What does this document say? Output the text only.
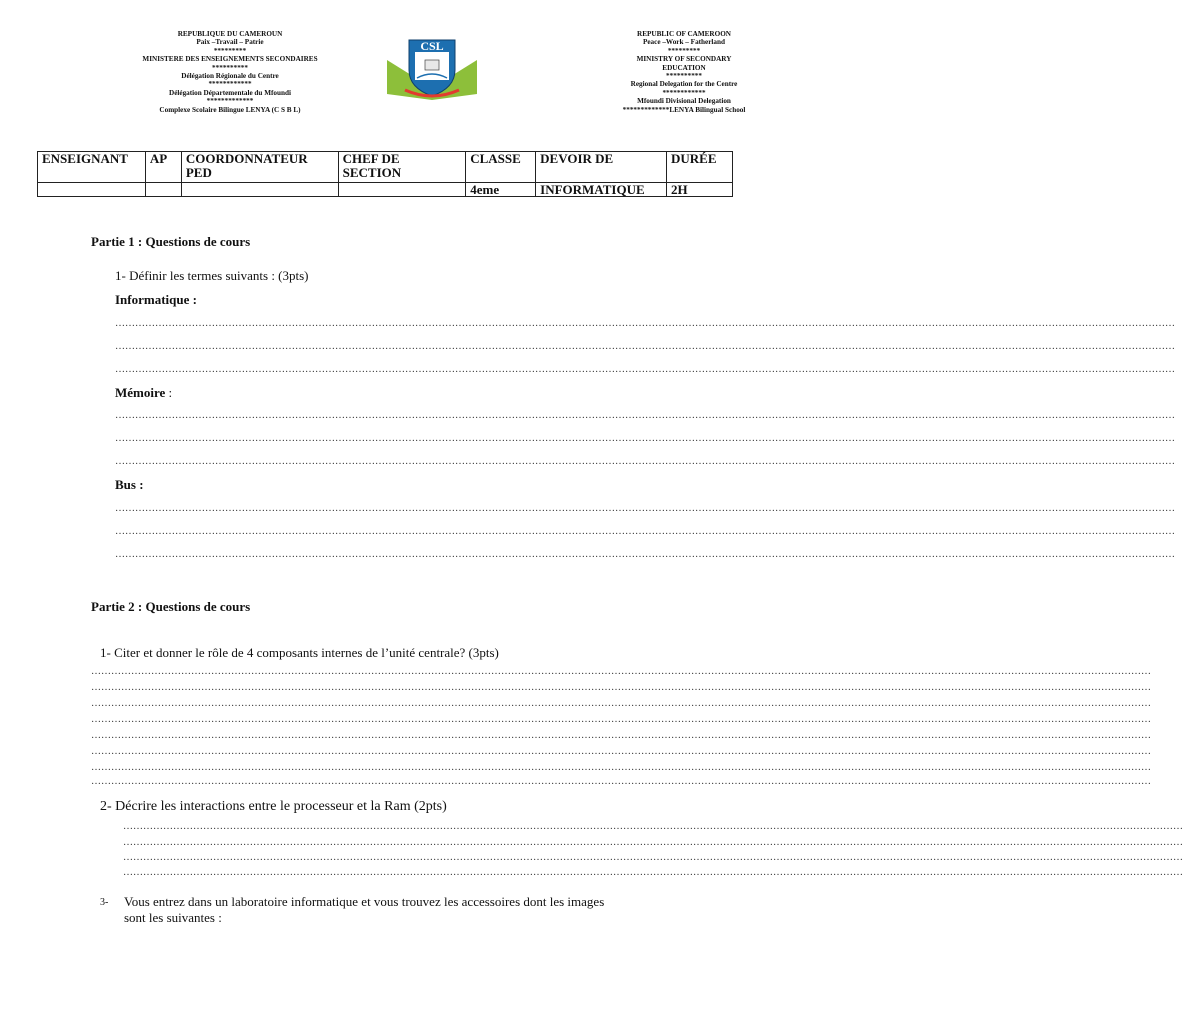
REPUBLIQUE DU CAMEROUN
Paix –Travail – Patrie
*********
MINISTERE DES ENSEIGNEMENTS SECONDAIRES
**********
Délégation Régionale du Centre
************
Délégation Départementale du Mfoundi
*************
Complexe Scolaire Bilingue LENYA (C S B L)
CSL
REPUBLIC OF CAMEROON
Peace –Work – Fatherland
*********
MINISTRY OF SECONDARY
EDUCATION
**********
Regional Delegation for the Centre
************
Mfoundi Divisional Delegation
*************LENYA Bilingual School
ENSEIGNANT	AP	COORDONNATEUR PED	CHEF DE SECTION	CLASSE	DEVOIR DE	DURÉE
				4eme	INFORMATIQUE	2H
Partie 1 : Questions de cours
1- Définir les termes suivants : (3pts)
Informatique :
…………………………………………………………………………………………………………………………………………………………………………………………………………………………………………………………………………………………
…………………………………………………………………………………………………………………………………………………………………………………………………………………………………………………………………………………………
…………………………………………………………………………………………………………………………………………………………………………………………………………………………………………………………………………………………
Mémoire :
…………………………………………………………………………………………………………………………………………………………………………………………………………………………………………………………………………………………
…………………………………………………………………………………………………………………………………………………………………………………………………………………………………………………………………………………………
…………………………………………………………………………………………………………………………………………………………………………………………………………………………………………………………………………………………
Bus :
…………………………………………………………………………………………………………………………………………………………………………………………………………………………………………………………………………………………
…………………………………………………………………………………………………………………………………………………………………………………………………………………………………………………………………………………………
…………………………………………………………………………………………………………………………………………………………………………………………………………………………………………………………………………………………
Partie 2 : Questions de cours
1- Citer et donner le rôle de 4 composants internes de l’unité centrale? (3pts)
…………………………………………………………………………………………………………………………………………………………………………………………………………………………………………………………………………………………
…………………………………………………………………………………………………………………………………………………………………………………………………………………………………………………………………………………………
…………………………………………………………………………………………………………………………………………………………………………………………………………………………………………………………………………………………
…………………………………………………………………………………………………………………………………………………………………………………………………………………………………………………………………………………………
…………………………………………………………………………………………………………………………………………………………………………………………………………………………………………………………………………………………
…………………………………………………………………………………………………………………………………………………………………………………………………………………………………………………………………………………………
…………………………………………………………………………………………………………………………………………………………………………………………………………………………………………………………………………………………
…………………………………………………………………………………………………………………………………………………………………………………………………………………………………………………………………………………………
2- Décrire les interactions entre le processeur et la Ram (2pts)
…………………………………………………………………………………………………………………………………………………………………………………………………………………………………………………………………………………………
…………………………………………………………………………………………………………………………………………………………………………………………………………………………………………………………………………………………
…………………………………………………………………………………………………………………………………………………………………………………………………………………………………………………………………………………………
…………………………………………………………………………………………………………………………………………………………………………………………………………………………………………………………………………………………
3- Vous entrez dans un laboratoire informatique et vous trouvez les accessoires dont les images
sont les suivantes :
